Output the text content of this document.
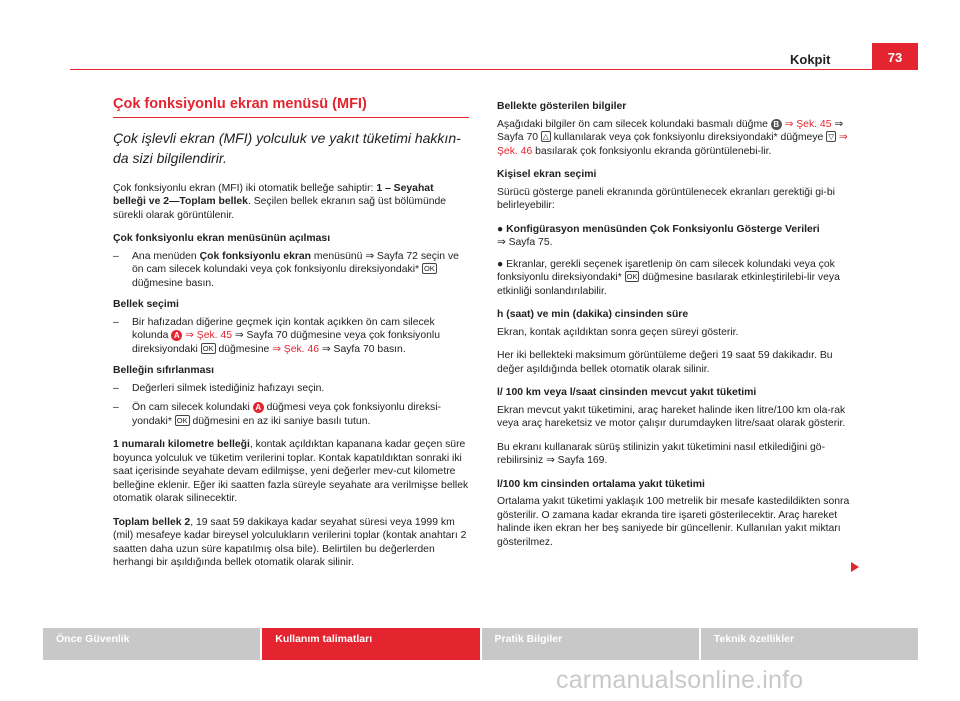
Kokpit	73
Çok fonksiyonlu ekran menüsü (MFI)
Çok işlevli ekran (MFI) yolculuk ve yakıt tüketimi hakkın-da sizi bilgilendirir.

Çok fonksiyonlu ekran (MFI) iki otomatik belleğe sahiptir: 1 – Seyahat belleği ve 2—Toplam bellek. Seçilen bellek ekranın sağ üst bölümünde sürekli olarak görüntülenir.

Çok fonksiyonlu ekran menüsünün açılması
– Ana menüden Çok fonksiyonlu ekran menüsünü ⇒ Sayfa 72 seçin ve ön cam silecek kolundaki veya çok fonksiyonlu direksiyondaki* OK düğmesine basın.
Bellek seçimi
– Bir hafızadan diğerine geçmek için kontak açıkken ön cam silecek kolunda A ⇒ Şek. 45 ⇒ Sayfa 70 düğmesine veya çok fonksiyonlu direksiyondaki OK düğmesine ⇒ Şek. 46 ⇒ Sayfa 70 basın.
Belleğin sıfırlanması
– Değerleri silmek istediğiniz hafızayı seçin.
– Ön cam silecek kolundaki A düğmesi veya çok fonksiyonlu direksi-yondaki* OK düğmesini en az iki saniye basılı tutun.

1 numaralı kilometre belleği, kontak açıldıktan kapanana kadar geçen süre boyunca yolculuk ve tüketim verilerini toplar. Kontak kapatıldıktan sonraki iki saat içerisinde seyahate devam edilmişse, yeni değerler mev-cut kilometre belleğine eklenir. Eğer iki saatten fazla süreyle seyahate ara verilmişse bellek otomatik olarak silinecektir.

Toplam bellek 2, 19 saat 59 dakikaya kadar seyahat süresi veya 1999 km (mil) mesafeye kadar bireysel yolculukların verilerini toplar (kontak anahtarı 2 saatten daha uzun süre kapatılmış olsa bile). Belirtilen bu değerlerden herhangi bir aşıldığında bellek otomatik olarak silinir.

Bellekte gösterilen bilgiler

Aşağıdaki bilgiler ön cam silecek kolundaki basmalı düğme B ⇒ Şek. 45 ⇒ Sayfa 70 △ kullanılarak veya çok fonksiyonlu direksiyondaki* düğmeye ▽ ⇒ Şek. 46 basılarak çok fonksiyonlu ekranda görüntülenebi-lir.

Kişisel ekran seçimi

Sürücü gösterge paneli ekranında görüntülenecek ekranları gerektiği gi-bi belirleyebilir:

● Konfigürasyon menüsünden Çok Fonksiyonlu Gösterge Verileri
⇒ Sayfa 75.
● Ekranlar, gerekli seçenek işaretlenip ön cam silecek kolundaki veya çok fonksiyonlu direksiyondaki* OK düğmesine basılarak etkinleştirilebi-lir veya etkinliği sonlandırılabilir.
h (saat) ve min (dakika) cinsinden süre

Ekran, kontak açıldıktan sonra geçen süreyi gösterir.

Her iki bellekteki maksimum görüntüleme değeri 19 saat 59 dakikadır. Bu değer aşıldığında bellek otomatik olarak silinir.

l/ 100 km veya l/saat cinsinden mevcut yakıt tüketimi

Ekran mevcut yakıt tüketimini, araç hareket halinde iken litre/100 km ola-rak veya araç hareketsiz ve motor çalışır durumdayken litre/saat olarak gösterir.

Bu ekranı kullanarak sürüş stilinizin yakıt tüketimini nasıl etkilediğini gö-rebilirsiniz ⇒ Sayfa 169.

l/100 km cinsinden ortalama yakıt tüketimi

Ortalama yakıt tüketimi yaklaşık 100 metrelik bir mesafe kastedildikten sonra gösterilir. O zamana kadar ekranda tire işareti gösterilecektir. Araç hareket halinde iken ekran her beş saniyede bir güncellenir. Kullanılan yakıt miktarı gösterilmez.

Önce Güvenlik	Kullanım talimatları	Pratik Bilgiler	Teknik özellikler
carmanualsonline.info
